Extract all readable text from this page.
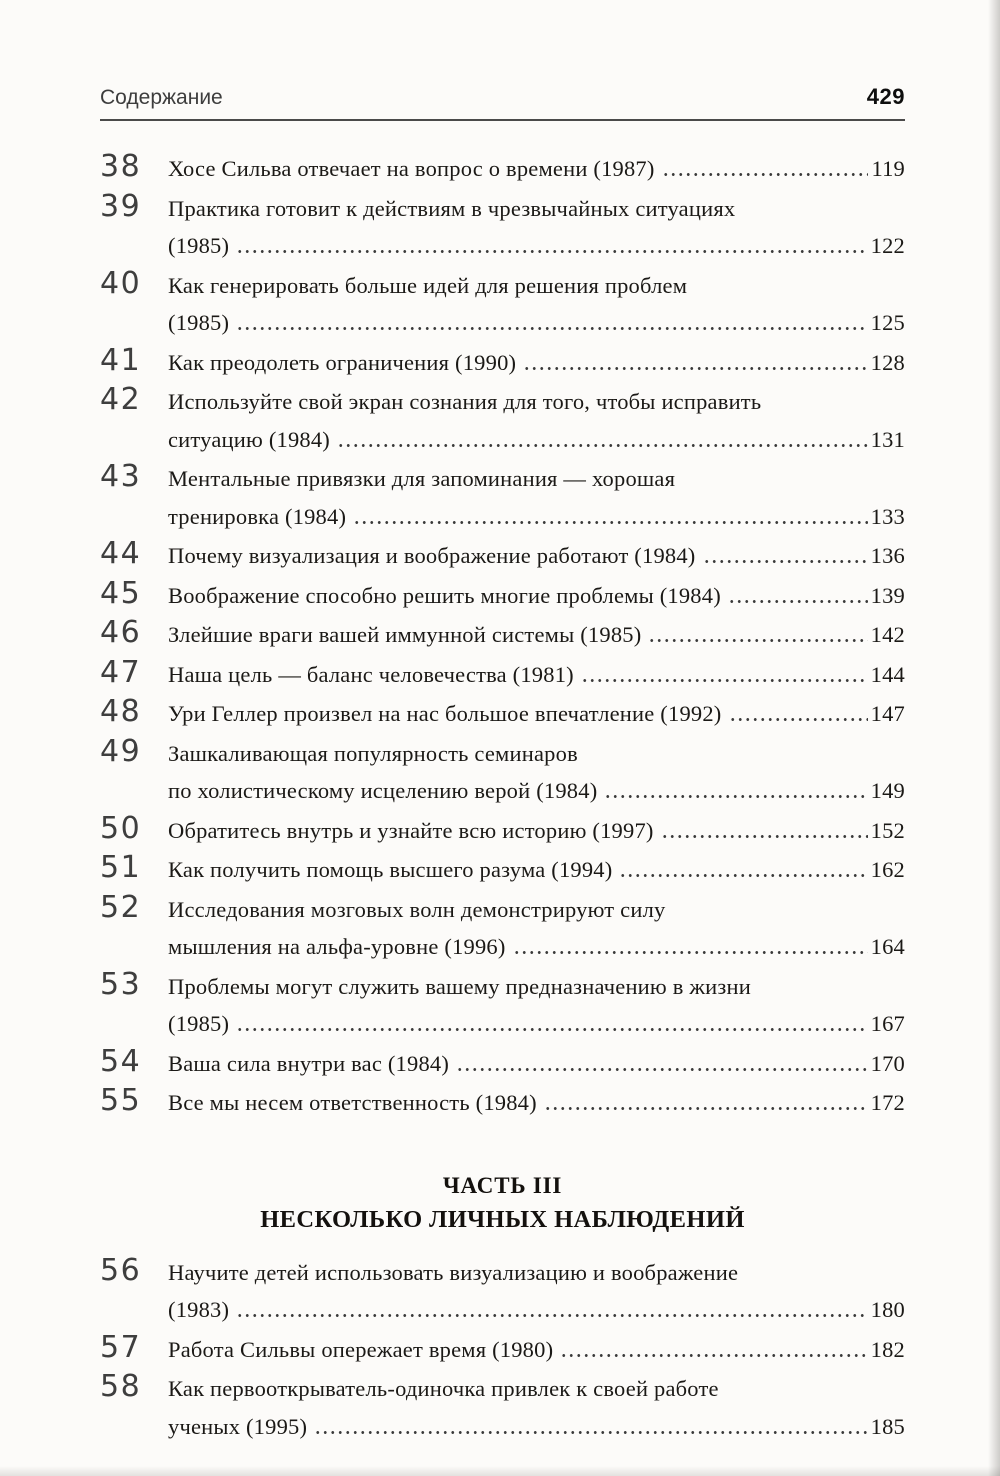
Содержание	429
38	Хосе Сильва отвечает на вопрос о времени (1987)	119
39	Практика готовит к действиям в чрезвычайных ситуациях
(1985)	122
40	Как генерировать больше идей для решения проблем
(1985)	125
41	Как преодолеть ограничения (1990)	128
42	Используйте свой экран сознания для того, чтобы исправить
ситуацию (1984)	131
43	Ментальные привязки для запоминания — хорошая
тренировка (1984)	133
44	Почему визуализация и воображение работают (1984)	136
45	Воображение способно решить многие проблемы (1984)	139
46	Злейшие враги вашей иммунной системы (1985)	142
47	Наша цель — баланс человечества (1981)	144
48	Ури Геллер произвел на нас большое впечатление (1992)	147
49	Зашкаливающая популярность семинаров
по холистическому исцелению верой (1984)	149
50	Обратитесь внутрь и узнайте всю историю (1997)	152
51	Как получить помощь высшего разума (1994)	162
52	Исследования мозговых волн демонстрируют силу
мышления на альфа-уровне (1996)	164
53	Проблемы могут служить вашему предназначению в жизни
(1985)	167
54	Ваша сила внутри вас (1984)	170
55	Все мы несем ответственность (1984)	172
ЧАСТЬ III
НЕСКОЛЬКО ЛИЧНЫХ НАБЛЮДЕНИЙ
56	Научите детей использовать визуализацию и воображение
(1983)	180
57	Работа Сильвы опережает время (1980)	182
58	Как первооткрыватель-одиночка привлек к своей работе
ученых (1995)	185
